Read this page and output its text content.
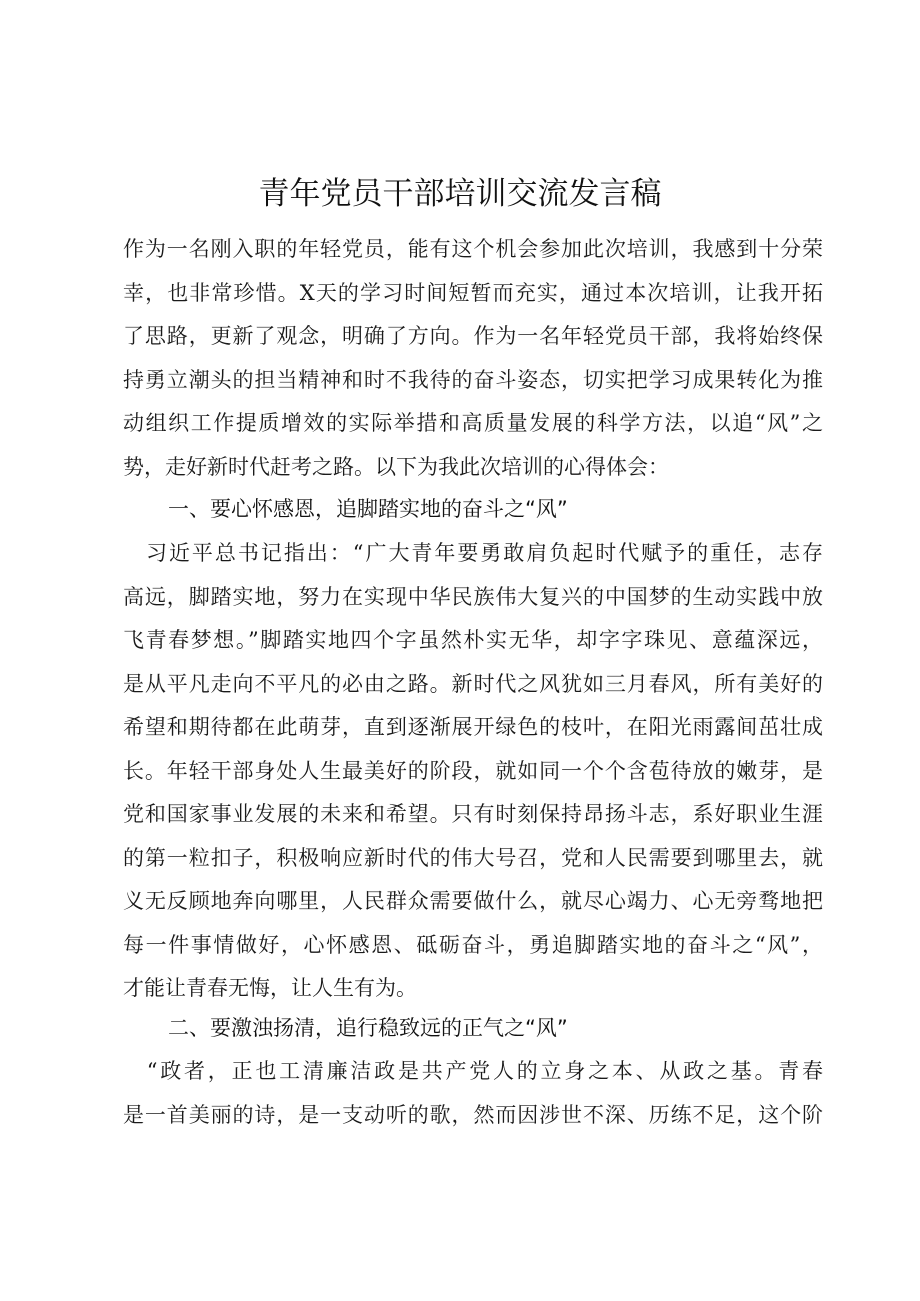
青年党员干部培训交流发言稿
作为一名刚入职的年轻党员，能有这个机会参加此次培训，我感到十分荣
幸，也非常珍惜。X天的学习时间短暂而充实，通过本次培训，让我开拓
了思路，更新了观念，明确了方向。作为一名年轻党员干部，我将始终保
持勇立潮头的担当精神和时不我待的奋斗姿态，切实把学习成果转化为推
动组织工作提质增效的实际举措和高质量发展的科学方法，以追“风”之
势，走好新时代赶考之路。以下为我此次培训的心得体会：
一、要心怀感恩，追脚踏实地的奋斗之“风”
　习近平总书记指出：“广大青年要勇敢肩负起时代赋予的重任，志存
高远，脚踏实地，努力在实现中华民族伟大复兴的中国梦的生动实践中放
飞青春梦想。”脚踏实地四个字虽然朴实无华，却字字珠见、意蕴深远，
是从平凡走向不平凡的必由之路。新时代之风犹如三月春风，所有美好的
希望和期待都在此萌芽，直到逐渐展开绿色的枝叶，在阳光雨露间茁壮成
长。年轻干部身处人生最美好的阶段，就如同一个个含苞待放的嫩芽，是
党和国家事业发展的未来和希望。只有时刻保持昂扬斗志，系好职业生涯
的第一粒扣子，积极响应新时代的伟大号召，党和人民需要到哪里去，就
义无反顾地奔向哪里，人民群众需要做什么，就尽心竭力、心无旁骛地把
每一件事情做好，心怀感恩、砥砺奋斗，勇追脚踏实地的奋斗之“风”，
才能让青春无悔，让人生有为。
二、要激浊扬清，追行稳致远的正气之“风”
　“政者，正也工清廉洁政是共产党人的立身之本、从政之基。青春
是一首美丽的诗，是一支动听的歌，然而因涉世不深、历练不足，这个阶
